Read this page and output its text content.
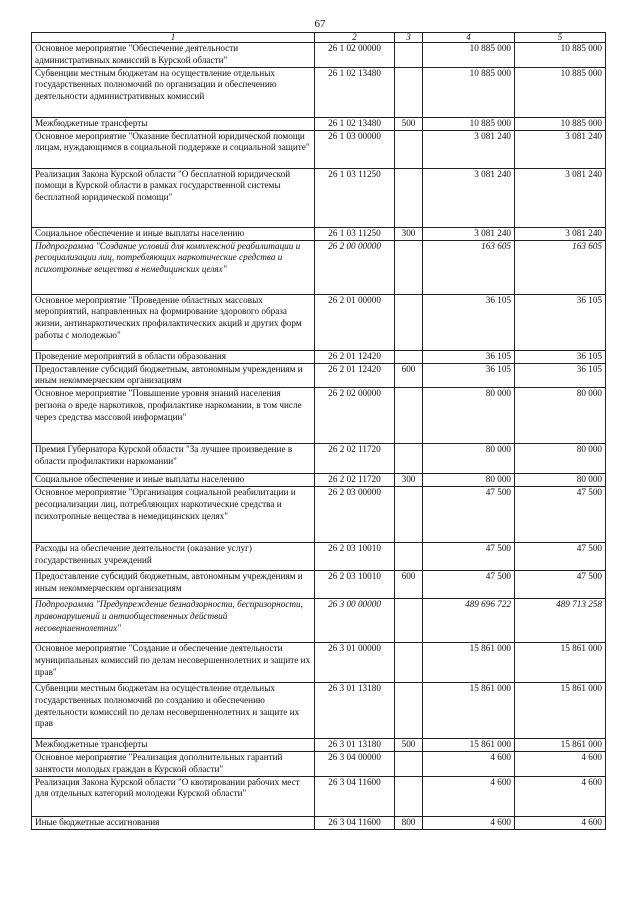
67
1	2	3	4	5
Основное мероприятие "Обеспечение деятельности административных комиссий в Курской области"	26 1 02 00000		10 885 000	10 885 000
Субвенции местным бюджетам на осуществление отдельных государственных полномочий по организации и обеспечению деятельности административных комиссий	26 1 02 13480		10 885 000	10 885 000
Межбюджетные трансферты	26 1 02 13480	500	10 885 000	10 885 000
Основное мероприятие "Оказание бесплатной юридической помощи лицам, нуждающимся в социальной поддержке и социальной защите"	26 1 03 00000		3 081 240	3 081 240
Реализация Закона Курской области "О бесплатной юридической помощи в Курской области в рамках государственной системы бесплатной юридической помощи"	26 1 03 11250		3 081 240	3 081 240
Социальное обеспечение и иные выплаты населению	26 1 03 11250	300	3 081 240	3 081 240
Подпрограмма "Создание условий для комплексной реабилитации и ресоциализации лиц, потребляющих наркотические средства и психотропные вещества в немедицинских целях"	26 2 00 00000		163 605	163 605
Основное мероприятие "Проведение областных массовых мероприятий, направленных на формирование здорового образа жизни, антинаркотических профилактических акций и других форм работы с молодежью"	26 2 01 00000		36 105	36 105
Проведение мероприятий в области образования	26 2 01 12420		36 105	36 105
Предоставление субсидий бюджетным, автономным учреждениям и иным некоммерческим организациям	26 2 01 12420	600	36 105	36 105
Основное мероприятие "Повышение уровня знаний населения региона о вреде наркотиков, профилактике наркомании, в том числе через средства массовой информации"	26 2 02 00000		80 000	80 000
Премия Губернатора Курской области "За лучшее произведение в области профилактики наркомании"	26 2 02 11720		80 000	80 000
Социальное обеспечение и иные выплаты населению	26 2 02 11720	300	80 000	80 000
Основное мероприятие "Организация социальной реабилитации и ресоциализации лиц, потребляющих наркотические средства и психотропные вещества в немедицинских целях"	26 2 03 00000		47 500	47 500
Расходы на обеспечение деятельности (оказание услуг) государственных учреждений	26 2 03 10010		47 500	47 500
Предоставление субсидий бюджетным, автономным учреждениям и иным некоммерческим организациям	26 2 03 10010	600	47 500	47 500
Подпрограмма "Предупреждение безнадзорности, беспризорности, правонарушений и антиобщественных действий несовершеннолетних"	26 3 00 00000		489 696 722	489 713 258
Основное мероприятие "Создание и обеспечение деятельности муниципальных комиссий по делам несовершеннолетних и защите их прав"	26 3 01 00000		15 861 000	15 861 000
Субвенции местным бюджетам на осуществление отдельных государственных полномочий по созданию и обеспечению деятельности комиссий по делам несовершеннолетних и защите их прав	26 3 01 13180		15 861 000	15 861 000
Межбюджетные трансферты	26 3 01 13180	500	15 861 000	15 861 000
Основное мероприятие "Реализация дополнительных гарантий занятости молодых граждан в Курской области"	26 3 04 00000		4 600	4 600
Реализация Закона Курской области "О квотировании рабочих мест для отдельных категорий молодежи Курской области"	26 3 04 11600		4 600	4 600
Иные бюджетные ассигнования	26 3 04 11600	800	4 600	4 600
